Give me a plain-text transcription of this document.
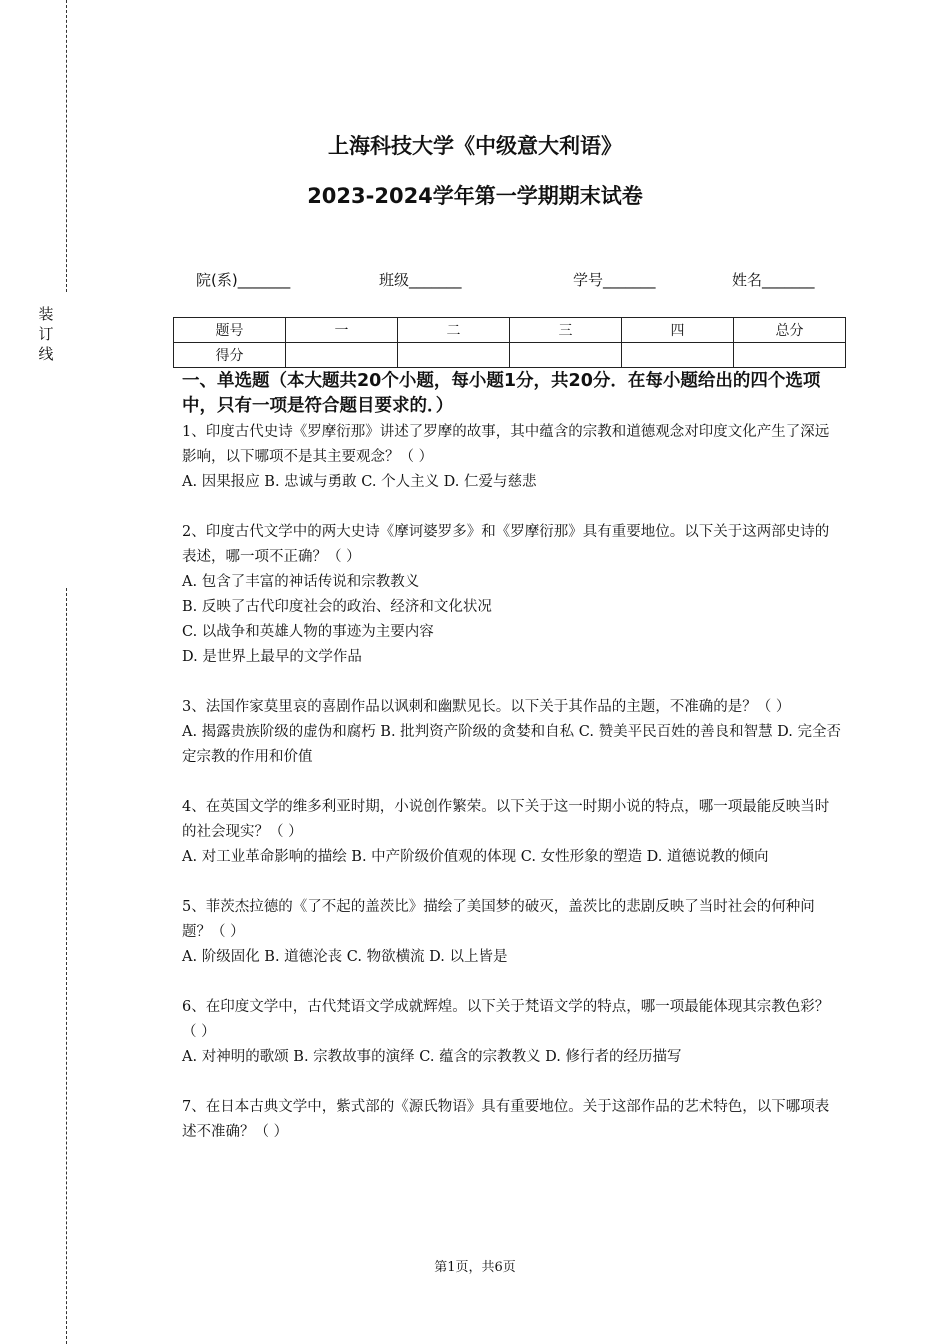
装订线
上海科技大学《中级意大利语》
2023-2024学年第一学期期末试卷
院(系)_______	班级_______	学号_______	姓名_______
题号	一	二	三	四	总分
得分					
一、单选题（本大题共20个小题，每小题1分，共20分．在每小题给出的四个选项中，只有一项是符合题目要求的．）

1、印度古代史诗《罗摩衍那》讲述了罗摩的故事，其中蕴含的宗教和道德观念对印度文化产生了深远影响，以下哪项不是其主要观念？（ ）

A. 因果报应 B. 忠诚与勇敢 C. 个人主义 D. 仁爱与慈悲

2、印度古代文学中的两大史诗《摩诃婆罗多》和《罗摩衍那》具有重要地位。以下关于这两部史诗的表述，哪一项不正确？（ ）

A. 包含了丰富的神话传说和宗教教义

B. 反映了古代印度社会的政治、经济和文化状况

C. 以战争和英雄人物的事迹为主要内容

D. 是世界上最早的文学作品

3、法国作家莫里哀的喜剧作品以讽刺和幽默见长。以下关于其作品的主题，不准确的是？（ ）

A. 揭露贵族阶级的虚伪和腐朽 B. 批判资产阶级的贪婪和自私 C. 赞美平民百姓的善良和智慧 D. 完全否定宗教的作用和价值

4、在英国文学的维多利亚时期，小说创作繁荣。以下关于这一时期小说的特点，哪一项最能反映当时的社会现实？（ ）

A. 对工业革命影响的描绘 B. 中产阶级价值观的体现 C. 女性形象的塑造 D. 道德说教的倾向

5、菲茨杰拉德的《了不起的盖茨比》描绘了美国梦的破灭，盖茨比的悲剧反映了当时社会的何种问题？（ ）

A. 阶级固化 B. 道德沦丧 C. 物欲横流 D. 以上皆是

6、在印度文学中，古代梵语文学成就辉煌。以下关于梵语文学的特点，哪一项最能体现其宗教色彩？（ ）

A. 对神明的歌颂 B. 宗教故事的演绎 C. 蕴含的宗教教义 D. 修行者的经历描写

7、在日本古典文学中，紫式部的《源氏物语》具有重要地位。关于这部作品的艺术特色，以下哪项表述不准确？（ ）

第1页，共6页
